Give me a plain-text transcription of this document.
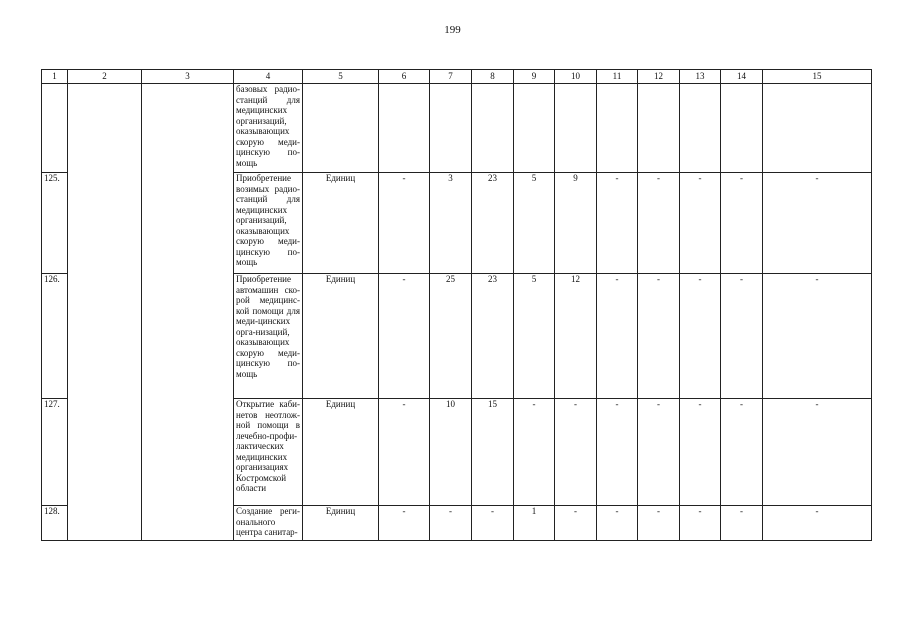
199
1	2	3	4	5	6	7	8	9	10	11	12	13	14	15
			базовых радио-станций для медицинских организаций, оказывающих скорую меди-цинскую по-мощь											
125.			Приобретение возимых радио-станций для медицинских организаций, оказывающих скорую меди-цинскую по-мощь	Единиц	-	3	23	5	9	-	-	-	-	-
126.			Приобретение автомашин ско-рой медицинс-кой помощи для меди-цинских орга-низаций, оказывающих скорую меди-цинскую по-мощь	Единиц	-	25	23	5	12	-	-	-	-	-
127.			Открытие каби-нетов неотлож-ной помощи в лечебно-профи-лактических медицинских организациях Костромской области	Единиц	-	10	15	-	-	-	-	-	-	-
128.			Создание реги-онального центра санитар-	Единиц	-	-	-	1	-	-	-	-	-	-
